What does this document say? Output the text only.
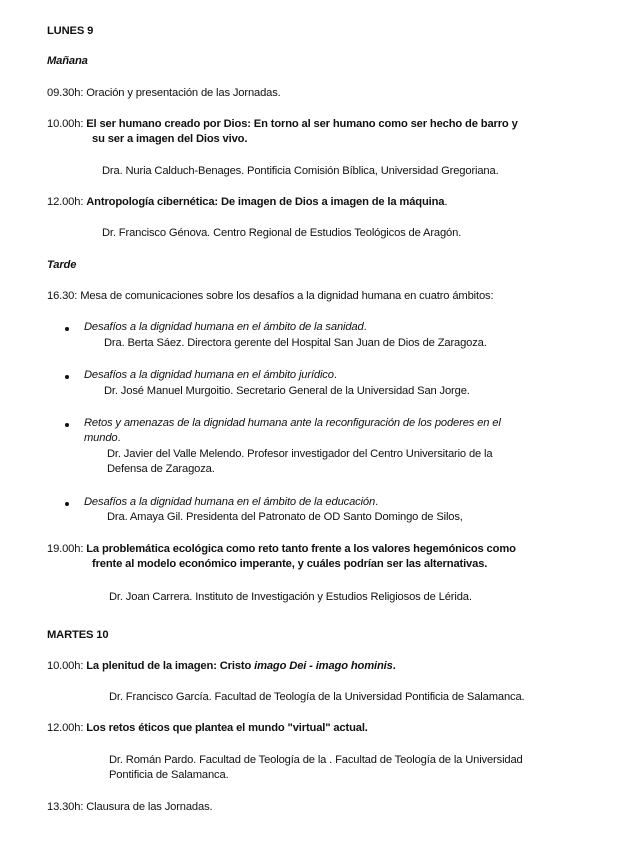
LUNES 9
Mañana
09.30h: Oración y presentación de las Jornadas.
10.00h: El ser humano creado por Dios: En torno al ser humano como ser hecho de barro y
su ser a imagen del Dios vivo.
Dra. Nuria Calduch-Benages. Pontificia Comisión Bíblica, Universidad Gregoriana.
12.00h: Antropología cibernética: De imagen de Dios a imagen de la máquina.
Dr. Francisco Génova. Centro Regional de Estudios Teológicos de Aragón.
Tarde
16.30: Mesa de comunicaciones sobre los desafíos a la dignidad humana en cuatro ámbitos:
Desafíos a la dignidad humana en el ámbito de la sanidad.
Dra. Berta Sáez. Directora gerente del Hospital San Juan de Dios de Zaragoza.
Desafíos a la dignidad humana en el ámbito jurídico.
Dr. José Manuel Murgoitio. Secretario General de la Universidad San Jorge.
Retos y amenazas de la dignidad humana ante la reconfiguración de los poderes en el
mundo.
Dr. Javier del Valle Melendo. Profesor investigador del Centro Universitario de la
Defensa de Zaragoza.
Desafíos a la dignidad humana en el ámbito de la educación.
Dra. Amaya Gil. Presidenta del Patronato de OD Santo Domingo de Silos,
19.00h: La problemática ecológica como reto tanto frente a los valores hegemónicos como
frente al modelo económico imperante, y cuáles podrían ser las alternativas.
Dr. Joan Carrera. Instituto de Investigación y Estudios Religiosos de Lérida.
MARTES 10
10.00h: La plenitud de la imagen: Cristo imago Dei - imago hominis.
Dr. Francisco García. Facultad de Teología de la Universidad Pontificia de Salamanca.
12.00h: Los retos éticos que plantea el mundo "virtual" actual.
Dr. Román Pardo. Facultad de Teología de la . Facultad de Teología de la Universidad
Pontificia de Salamanca.
13.30h: Clausura de las Jornadas.
